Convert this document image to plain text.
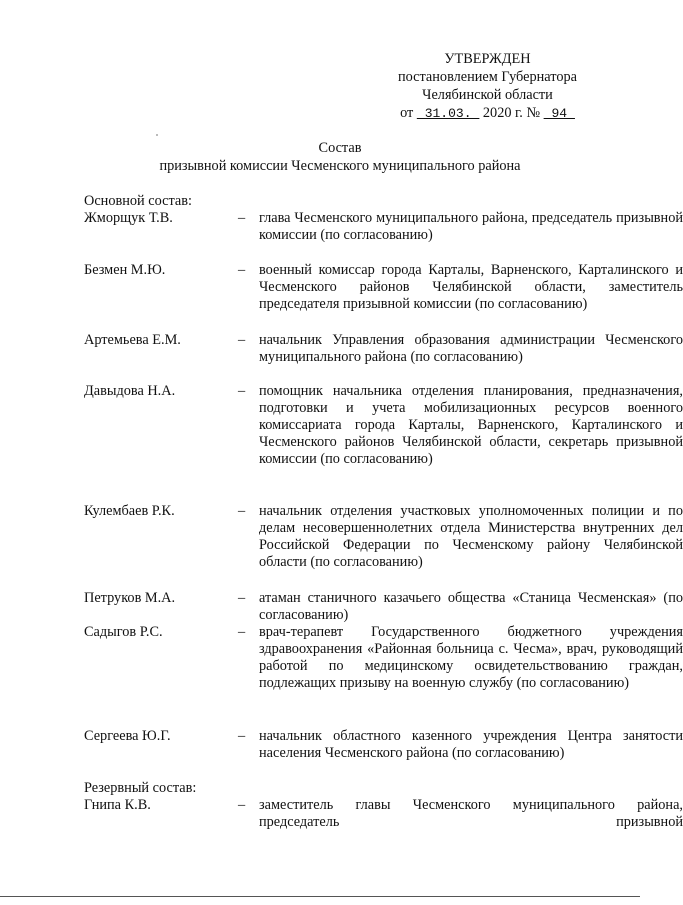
УТВЕРЖДЕН
постановлением Губернатора
Челябинской области
от _31.03._ 2020 г. № _94_
Состав
призывной комиссии Чесменского муниципального района
Основной состав:
Жморщук Т.В.	– глава Чесменского муниципального района, председатель призывной комиссии (по согласованию)
Безмен М.Ю.	– военный комиссар города Карталы, Варненского, Карталинского и Чесменского районов Челябинской области, заместитель председателя призывной комиссии (по согласованию)
Артемьева Е.М.	– начальник Управления образования администрации Чесменского муниципального района (по согласованию)
Давыдова Н.А.	– помощник начальника отделения планирования, предназначения, подготовки и учета мобилизационных ресурсов военного комиссариата города Карталы, Варненского, Карталинского и Чесменского районов Челябинской области, секретарь призывной комиссии (по согласованию)
Кулембаев Р.К.	– начальник отделения участковых уполномоченных полиции и по делам несовершеннолетних отдела Министерства внутренних дел Российской Федерации по Чесменскому району Челябинской области (по согласованию)
Петруков М.А.	– атаман станичного казачьего общества «Станица Чесменская» (по согласованию)
Садыгов Р.С.	– врач-терапевт Государственного бюджетного учреждения здравоохранения «Районная больница с. Чесма», врач, руководящий работой по медицинскому освидетельствованию граждан, подлежащих призыву на военную службу (по согласованию)
Сергеева Ю.Г.	– начальник областного казенного учреждения Центра занятости населения Чесменского района (по согласованию)
Резервный состав:
Гнипа К.В.	– заместитель главы Чесменского муниципального района, председатель призывной
